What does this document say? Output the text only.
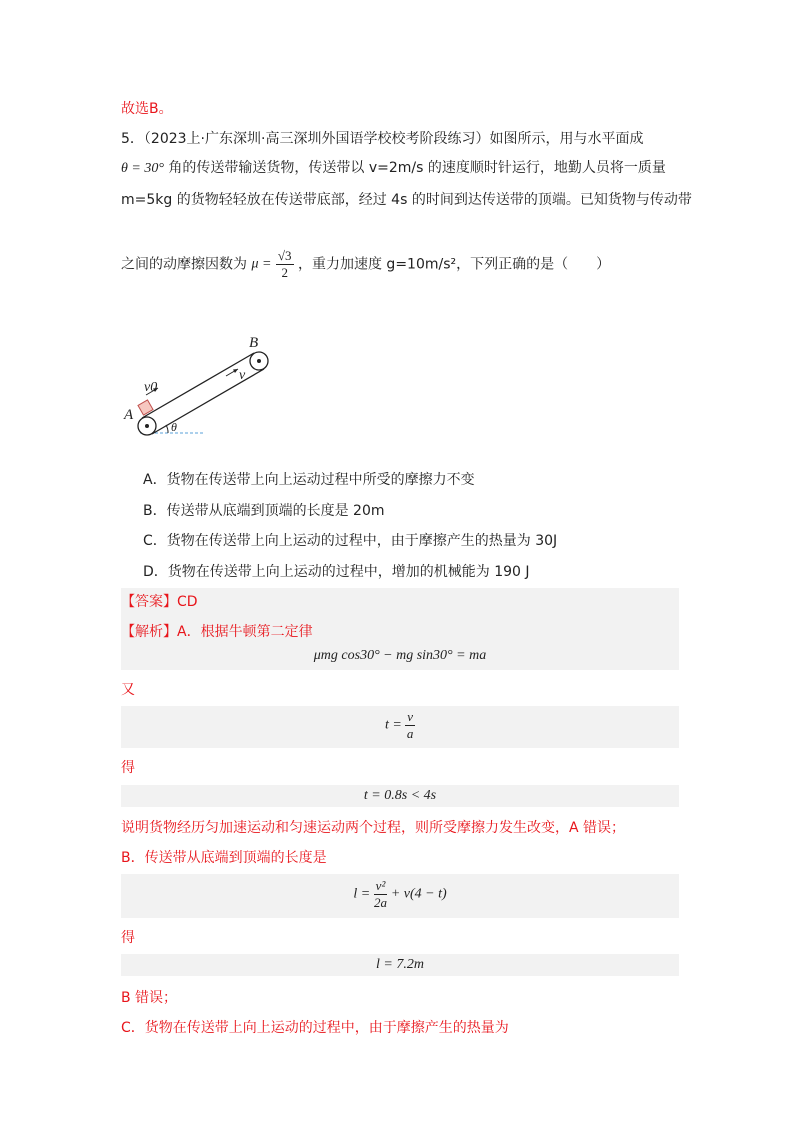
故选B。
5．（2023上·广东深圳·高三深圳外国语学校校考阶段练习）如图所示，用与水平面成
θ = 30° 角的传送带输送货物，传送带以 v=2m/s 的速度顺时针运行，地勤人员将一质量
m=5kg 的货物轻轻放在传送带底部，经过 4s 的时间到达传送带的顶端。已知货物与传动带
之间的动摩擦因数为 $\mu = \frac{√3}{2}$ ，重力加速度 g=10m/s²，下列正确的是（　　）
A
B
v0
v
θ
A．货物在传送带上向上运动过程中所受的摩擦力不变
B．传送带从底端到顶端的长度是 20m
C．货物在传送带上向上运动的过程中，由于摩擦产生的热量为 30J
D．货物在传送带上向上运动的过程中，增加的机械能为 190 J
【答案】CD
【解析】A．根据牛顿第二定律
μmg cos30° − mg sin30° = ma
又
$t = \frac{v}{a}$
得
t = 0.8s < 4s
说明货物经历匀加速运动和匀速运动两个过程，则所受摩擦力发生改变，A 错误；
B．传送带从底端到顶端的长度是
$l = \frac{\text{v²}}{2a} + v(4 - t)$
得
l = 7.2m
B 错误；
C．货物在传送带上向上运动的过程中，由于摩擦产生的热量为
